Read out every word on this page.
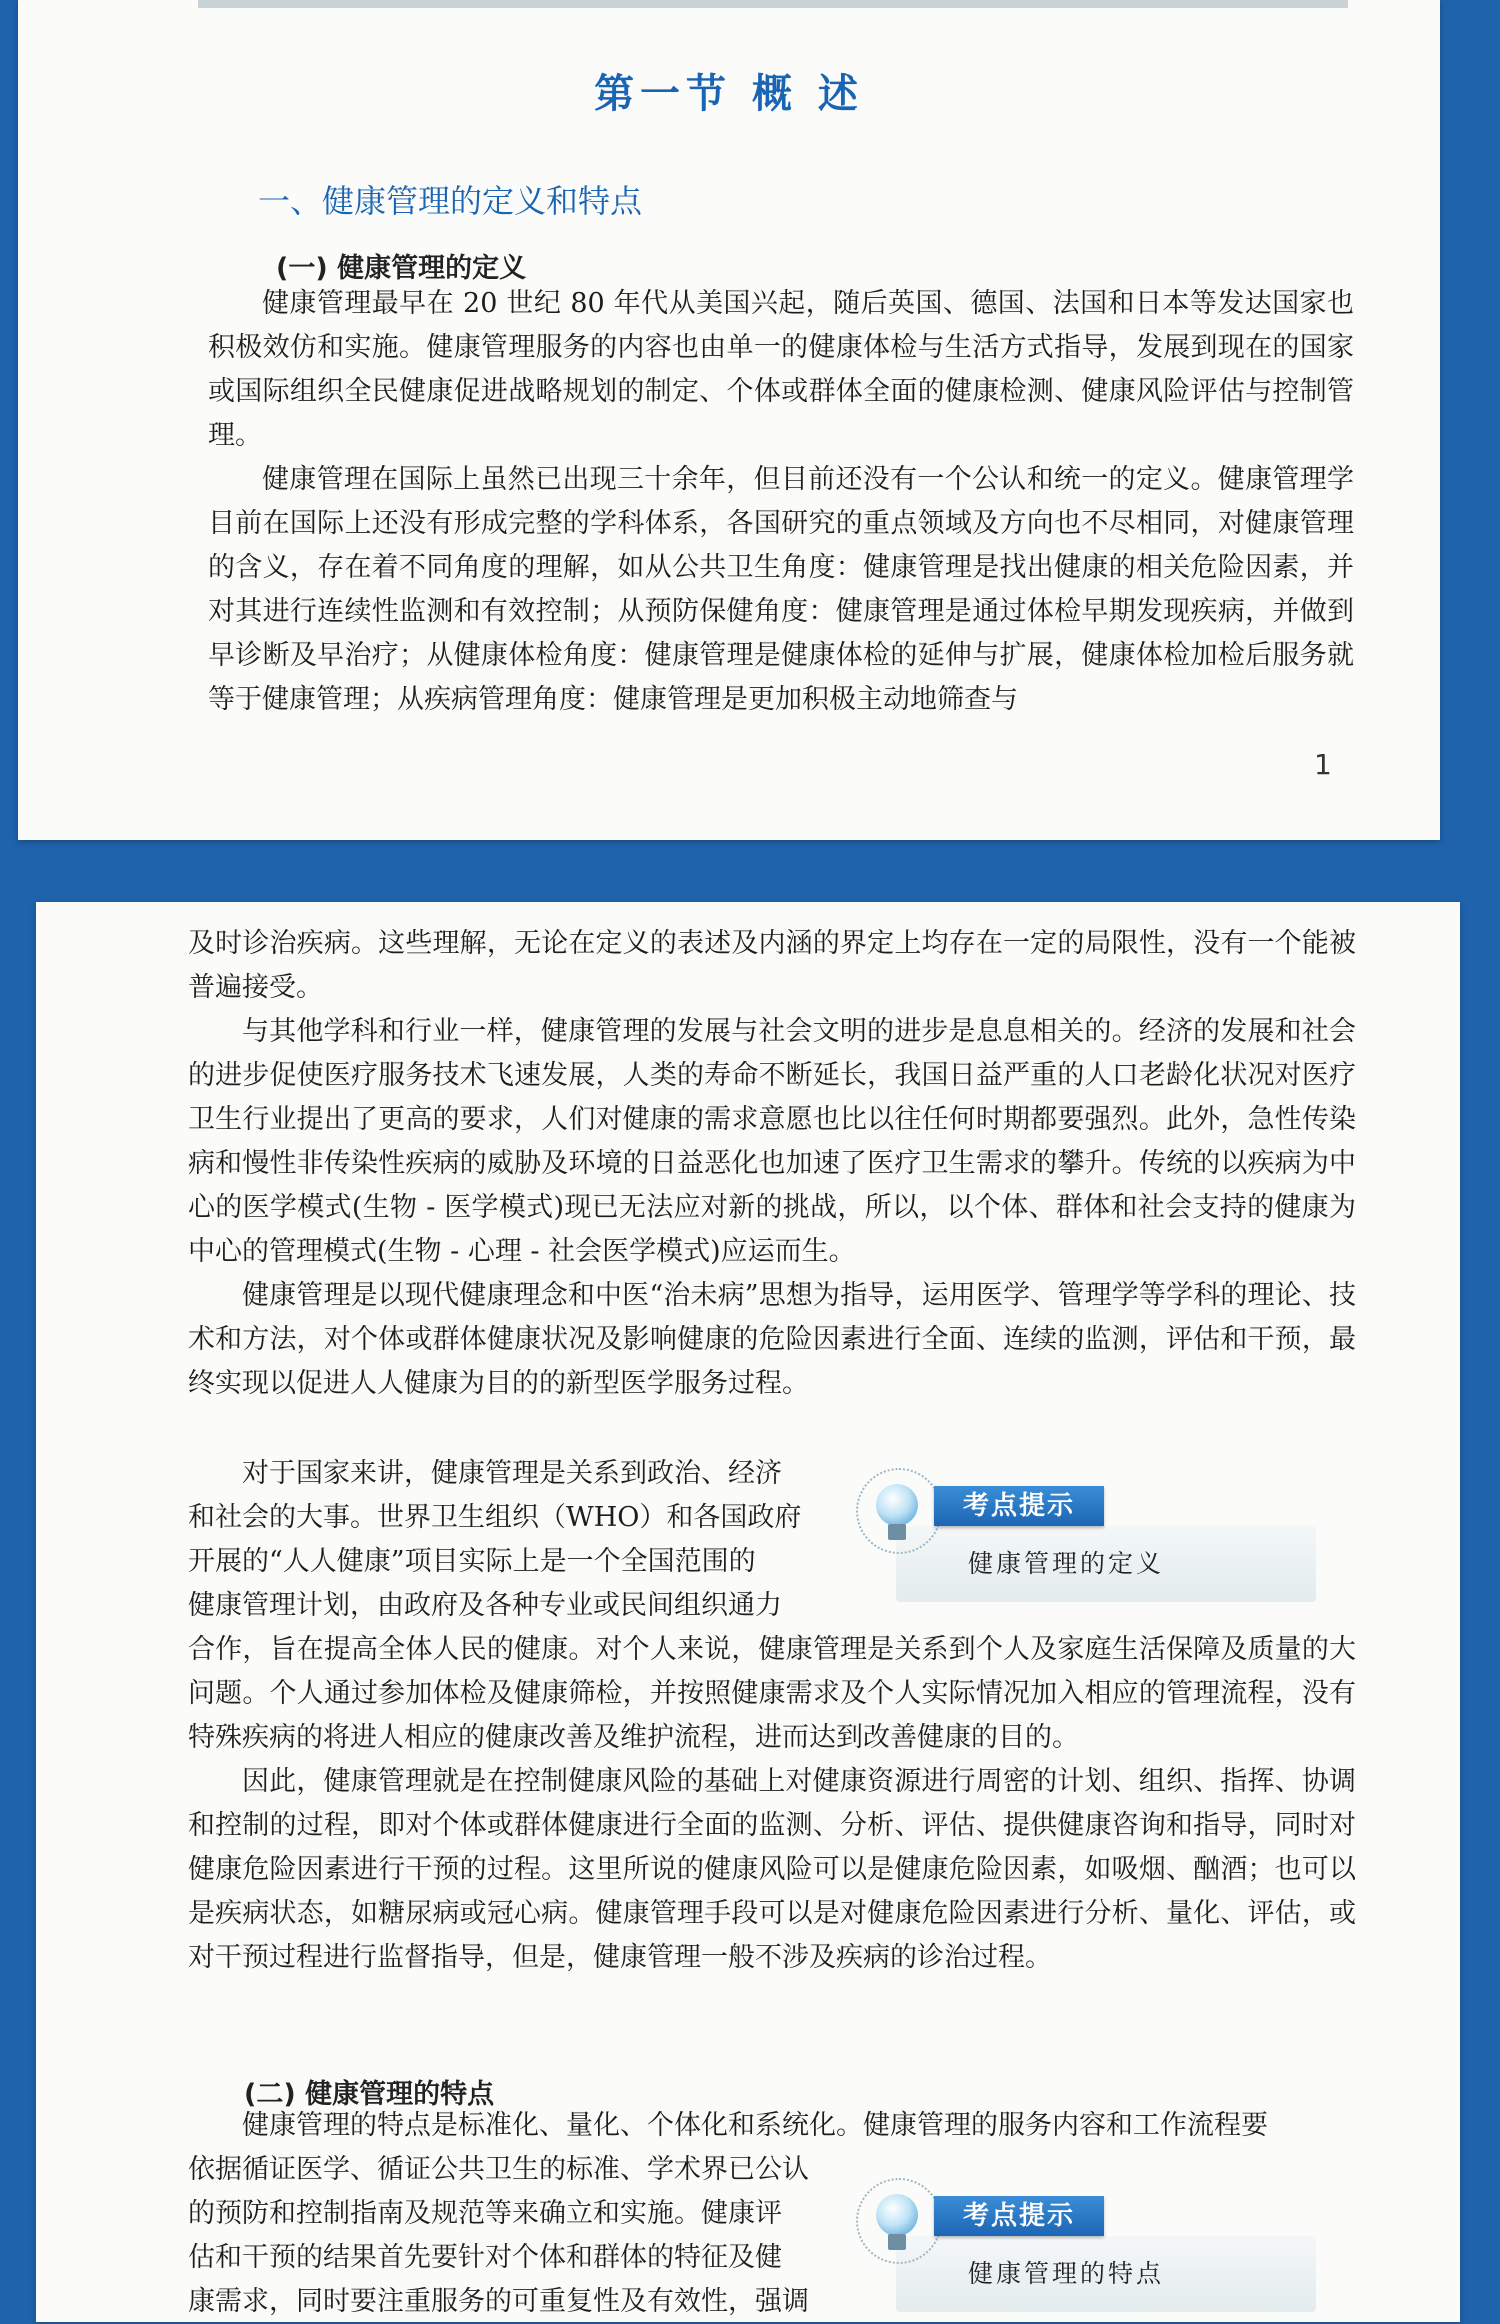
第一节 概 述
一、健康管理的定义和特点
(一) 健康管理的定义

健康管理最早在 20 世纪 80 年代从美国兴起，随后英国、德国、法国和日本等发达国家也积极效仿和实施。健康管理服务的内容也由单一的健康体检与生活方式指导，发展到现在的国家或国际组织全民健康促进战略规划的制定、个体或群体全面的健康检测、健康风险评估与控制管理。

健康管理在国际上虽然已出现三十余年，但目前还没有一个公认和统一的定义。健康管理学目前在国际上还没有形成完整的学科体系，各国研究的重点领域及方向也不尽相同，对健康管理的含义，存在着不同角度的理解，如从公共卫生角度：健康管理是找出健康的相关危险因素，并对其进行连续性监测和有效控制；从预防保健角度：健康管理是通过体检早期发现疾病，并做到早诊断及早治疗；从健康体检角度：健康管理是健康体检的延伸与扩展，健康体检加检后服务就等于健康管理；从疾病管理角度：健康管理是更加积极主动地筛查与

1

及时诊治疾病。这些理解，无论在定义的表述及内涵的界定上均存在一定的局限性，没有一个能被普遍接受。

与其他学科和行业一样，健康管理的发展与社会文明的进步是息息相关的。经济的发展和社会的进步促使医疗服务技术飞速发展，人类的寿命不断延长，我国日益严重的人口老龄化状况对医疗卫生行业提出了更高的要求，人们对健康的需求意愿也比以往任何时期都要强烈。此外，急性传染病和慢性非传染性疾病的威胁及环境的日益恶化也加速了医疗卫生需求的攀升。传统的以疾病为中心的医学模式(生物 - 医学模式)现已无法应对新的挑战，所以，以个体、群体和社会支持的健康为中心的管理模式(生物 - 心理 - 社会医学模式)应运而生。

健康管理是以现代健康理念和中医“治未病”思想为指导，运用医学、管理学等学科的理论、技术和方法，对个体或群体健康状况及影响健康的危险因素进行全面、连续的监测，评估和干预，最终实现以促进人人健康为目的的新型医学服务过程。

对于国家来讲，健康管理是关系到政治、经济

和社会的大事。世界卫生组织（WHO）和各国政府

开展的“人人健康”项目实际上是一个全国范围的

健康管理计划，由政府及各种专业或民间组织通力

考点提示
健康管理的定义

合作，旨在提高全体人民的健康。对个人来说，健康管理是关系到个人及家庭生活保障及质量的大问题。个人通过参加体检及健康筛检，并按照健康需求及个人实际情况加入相应的管理流程，没有特殊疾病的将进人相应的健康改善及维护流程，进而达到改善健康的目的。

因此，健康管理就是在控制健康风险的基础上对健康资源进行周密的计划、组织、指挥、协调和控制的过程，即对个体或群体健康进行全面的监测、分析、评估、提供健康咨询和指导，同时对健康危险因素进行干预的过程。这里所说的健康风险可以是健康危险因素，如吸烟、酗酒；也可以是疾病状态，如糖尿病或冠心病。健康管理手段可以是对健康危险因素进行分析、量化、评估，或对干预过程进行监督指导，但是，健康管理一般不涉及疾病的诊治过程。

(二) 健康管理的特点

健康管理的特点是标准化、量化、个体化和系统化。健康管理的服务内容和工作流程要

依据循证医学、循证公共卫生的标准、学术界已公认

的预防和控制指南及规范等来确立和实施。健康评

估和干预的结果首先要针对个体和群体的特征及健

康需求，同时要注重服务的可重复性及有效性，强调

考点提示
健康管理的特点
